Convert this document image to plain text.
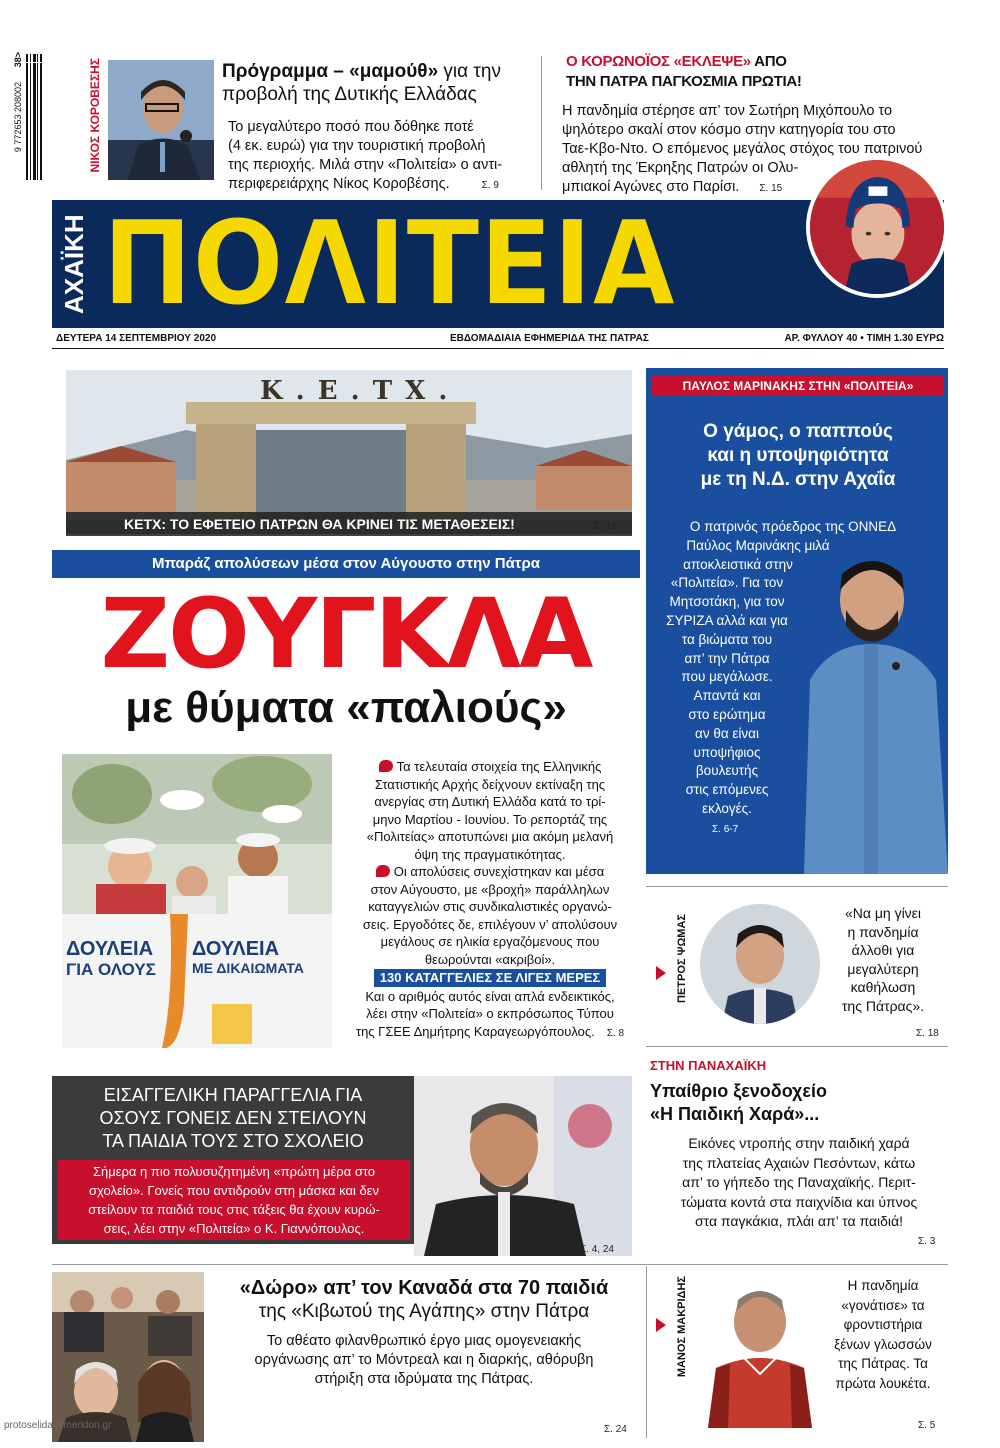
9 772653 208002
38>	ΝΙΚΟΣ ΚΟΡΟΒΕΣΗΣ	Πρόγραμμα – «μαμούθ» για την
προβολή της Δυτικής Ελλάδας
Το μεγαλύτερο ποσό που δόθηκε ποτέ
(4 εκ. ευρώ) για την τουριστική προβολή
της περιοχής. Μιλά στην «Πολιτεία» ο αντι-
περιφερειάρχης Νίκος Κοροβέσης.	Σ. 9
Ο ΚΟΡΩΝΟΪΟΣ «ΕΚΛΕΨΕ» ΑΠΟ
ΤΗΝ ΠΑΤΡΑ ΠΑΓΚΟΣΜΙΑ ΠΡΩΤΙΑ!
Η πανδημία στέρησε απ’ τον Σωτήρη Μιχόπουλο το
ψηλότερο σκαλί στον κόσμο στην κατηγορία του στο
Ταε-Κβο-Ντο. Ο επόμενος μεγάλος στόχος του πατρινού
αθλητή της Έκρηξης Πατρών οι Ολυ-
μπιακοί Αγώνες στο Παρίσι. Σ. 15
ΑΧΑΪΚΗ ΠΟΛΙΤΕΙΑ
ΔΕΥΤΕΡΑ 14 ΣΕΠΤΕΜΒΡΙΟΥ 2020	ΕΒΔΟΜΑΔΙΑΙΑ ΕΦΗΜΕΡΙΔΑ ΤΗΣ ΠΑΤΡΑΣ	ΑΡ. ΦΥΛΛΟΥ 40 • ΤΙΜΗ 1.30 ΕΥΡΩ
Κ . Ε . Τ Χ .
ΚΕΤΧ: ΤΟ ΕΦΕΤΕΙΟ ΠΑΤΡΩΝ ΘΑ ΚΡΙΝΕΙ ΤΙΣ ΜΕΤΑΘΕΣΕΙΣ!	Σ. 16
Μπαράζ απολύσεων μέσα στον Αύγουστο στην Πάτρα
ΖΟΥΓΚΛΑ
με θύματα «παλιούς»
ΔΟΥΛΕΙΑ
ΓΙΑ ΟΛΟΥΣ
ΔΟΥΛΕΙΑ
ΜΕ ΔΙΚΑΙΩΜΑΤΑ
Τα τελευταία στοιχεία της Ελληνικής
Στατιστικής Αρχής δείχνουν εκτίναξη της
ανεργίας στη Δυτική Ελλάδα κατά το τρί-
μηνο Μαρτίου - Ιουνίου. Το ρεπορτάζ της
«Πολιτείας» αποτυπώνει μια ακόμη μελανή
όψη της πραγματικότητας.
Οι απολύσεις συνεχίστηκαν και μέσα
στον Αύγουστο, με «βροχή» παράλληλων
καταγγελιών στις συνδικαλιστικές οργανώ-
σεις. Εργοδότες δε, επιλέγουν ν’ απολύσουν
μεγάλους σε ηλικία εργαζόμενους που
θεωρούνται «ακριβοί».
130 ΚΑΤΑΓΓΕΛΙΕΣ ΣΕ ΛΙΓΕΣ ΜΕΡΕΣ
Και ο αριθμός αυτός είναι απλά ενδεικτικός,
λέει στην «Πολιτεία» ο εκπρόσωπος Τύπου
της ΓΣΕΕ Δημήτρης Καραγεωργόπουλος. Σ. 8
ΠΑΥΛΟΣ ΜΑΡΙΝΑΚΗΣ ΣΤΗΝ «ΠΟΛΙΤΕΙΑ»
Ο γάμος, ο παππούς
και η υποψηφιότητα
με τη Ν.Δ. στην Αχαΐα
Ο πατρινός πρόεδρος της ΟΝΝΕΔ
Παύλος Μαρινάκης μιλά
αποκλειστικά στην
«Πολιτεία». Για τον
Μητσοτάκη, για τον
ΣΥΡΙΖΑ αλλά και για
τα βιώματα του
απ’ την Πάτρα
που μεγάλωσε.
Απαντά και
στο ερώτημα
αν θα είναι
υποψήφιος
βουλευτής
στις επόμενες
εκλογές.
Σ. 6-7
ΠΕΤΡΟΣ ΨΩΜΑΣ
«Να μη γίνει
η πανδημία
άλλοθι για
μεγαλύτερη
καθήλωση
της Πάτρας».
Σ. 18
ΣΤΗΝ ΠΑΝΑΧΑΪΚΗ
Υπαίθριο ξενοδοχείο
«Η Παιδική Χαρά»...
Εικόνες ντροπής στην παιδική χαρά
της πλατείας Αχαιών Πεσόντων, κάτω
απ’ το γήπεδο της Παναχαϊκής. Περιτ-
τώματα κοντά στα παιχνίδια και ύπνος
στα παγκάκια, πλάι απ’ τα παιδιά!
Σ. 3
ΕΙΣΑΓΓΕΛΙΚΗ ΠΑΡΑΓΓΕΛΙΑ ΓΙΑ
ΟΣΟΥΣ ΓΟΝΕΙΣ ΔΕΝ ΣΤΕΙΛΟΥΝ
ΤΑ ΠΑΙΔΙΑ ΤΟΥΣ ΣΤΟ ΣΧΟΛΕΙΟ
Σήμερα η πιο πολυσυζητημένη «πρώτη μέρα στο
σχολείο». Γονείς που αντιδρούν στη μάσκα και δεν
στείλουν τα παιδιά τους στις τάξεις θα έχουν κυρώ-
σεις, λέει στην «Πολιτεία» ο Κ. Γιαννόπουλος.
Σ. 4, 24
«Δώρο» απ’ τον Καναδά στα 70 παιδιά
της «Κιβωτού της Αγάπης» στην Πάτρα
Το αθέατο φιλανθρωπικό έργο μιας ομογενειακής
οργάνωσης απ’ το Μόντρεαλ και η διαρκής, αθόρυβη
στήριξη στα ιδρύματα της Πάτρας.
Σ. 24
protoselidaefimeridon.gr
ΜΑΝΟΣ ΜΑΚΡΙΔΗΣ	Η πανδημία
«γονάτισε» τα
φροντιστήρια
ξένων γλωσσών
της Πάτρας. Τα
πρώτα λουκέτα.
Σ. 5
